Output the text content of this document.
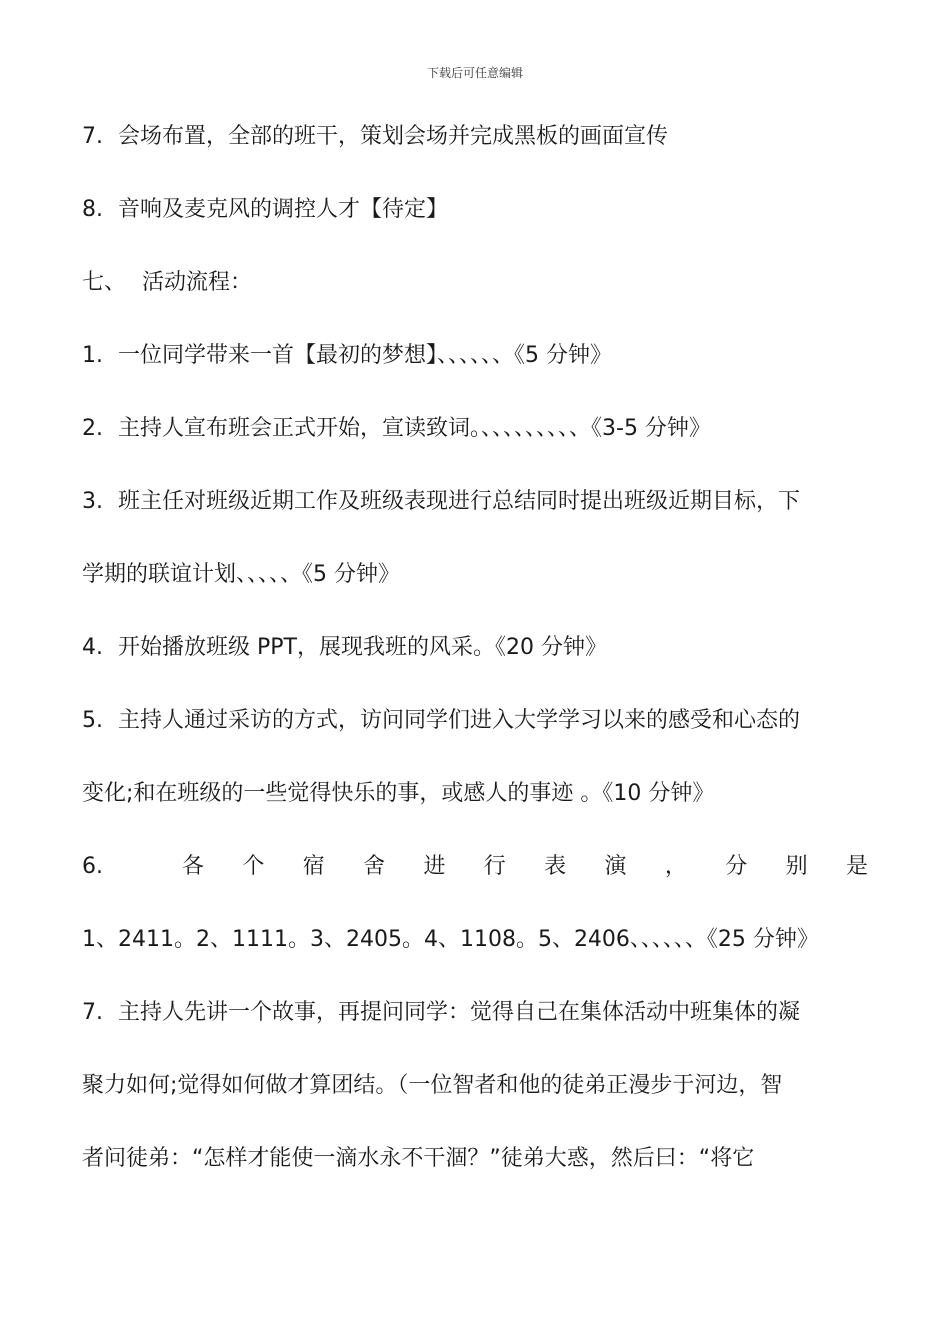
下载后可任意编辑
7. 会场布置，全部的班干，策划会场并完成黑板的画面宣传
8. 音响及麦克风的调控人才【待定】
七、 活动流程：
1. 一位同学带来一首【最初的梦想】、、、、、、《5 分钟》
2. 主持人宣布班会正式开始，宣读致词。、、、、、、、、、《3-5 分钟》
3. 班主任对班级近期工作及班级表现进行总结同时提出班级近期目标，下
学期的联谊计划、、、、、《5 分钟》
4. 开始播放班级 PPT，展现我班的风采。《20 分钟》
5. 主持人通过采访的方式，访问同学们进入大学学习以来的感受和心态的
变化;和在班级的一些觉得快乐的事，或感人的事迹 。《10 分钟》
6.	各 个 宿 舍 进 行 表 演 ， 分 别 是
1、2411。2、1111。3、2405。4、1108。5、2406、、、、、、《25 分钟》
7. 主持人先讲一个故事，再提问同学：觉得自己在集体活动中班集体的凝
聚力如何;觉得如何做才算团结。（一位智者和他的徒弟正漫步于河边，智
者问徒弟：“怎样才能使一滴水永不干涸？”徒弟大惑，然后曰：“将它
